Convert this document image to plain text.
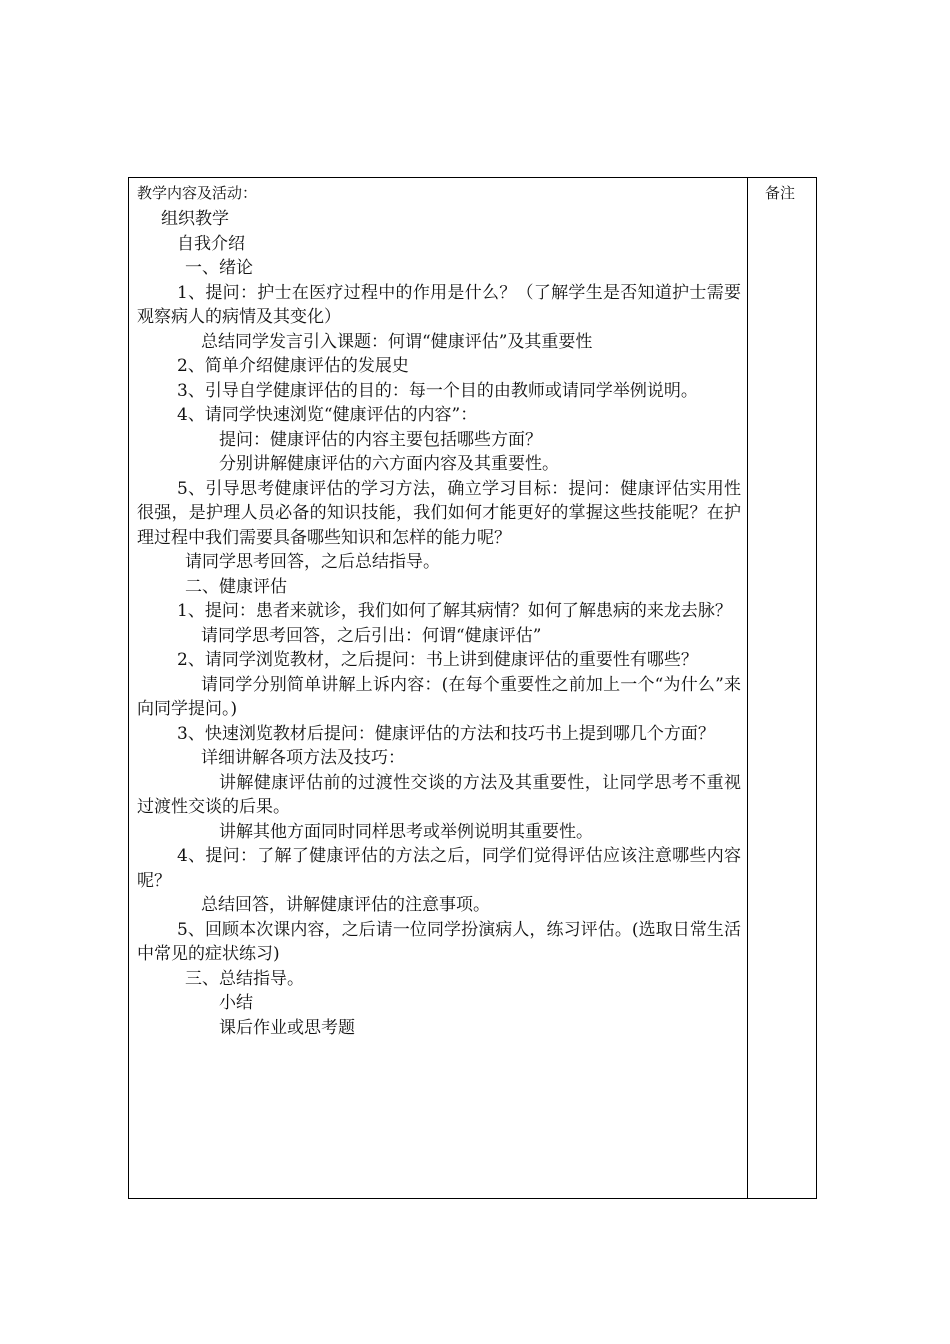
教学内容及活动：

组织教学

自我介绍

一、绪论

1、提问：护士在医疗过程中的作用是什么？（了解学生是否知道护士需要观察病人的病情及其变化）

总结同学发言引入课题：何谓“健康评估”及其重要性

2、简单介绍健康评估的发展史

3、引导自学健康评估的目的：每一个目的由教师或请同学举例说明。

4、请同学快速浏览“健康评估的内容”：

提问：健康评估的内容主要包括哪些方面？

分别讲解健康评估的六方面内容及其重要性。

5、引导思考健康评估的学习方法，确立学习目标：提问：健康评估实用性很强，是护理人员必备的知识技能，我们如何才能更好的掌握这些技能呢？在护理过程中我们需要具备哪些知识和怎样的能力呢？

请同学思考回答，之后总结指导。

二、健康评估

1、提问：患者来就诊，我们如何了解其病情？如何了解患病的来龙去脉？

请同学思考回答，之后引出：何谓“健康评估”

2、请同学浏览教材，之后提问：书上讲到健康评估的重要性有哪些？

请同学分别简单讲解上诉内容：(在每个重要性之前加上一个“为什么”来向同学提问。)

3、快速浏览教材后提问：健康评估的方法和技巧书上提到哪几个方面？

详细讲解各项方法及技巧：

讲解健康评估前的过渡性交谈的方法及其重要性，让同学思考不重视过渡性交谈的后果。

讲解其他方面同时同样思考或举例说明其重要性。

4、提问：了解了健康评估的方法之后，同学们觉得评估应该注意哪些内容呢？

总结回答，讲解健康评估的注意事项。

5、回顾本次课内容，之后请一位同学扮演病人，练习评估。(选取日常生活中常见的症状练习)

三、总结指导。

小结

课后作业或思考题

备注
